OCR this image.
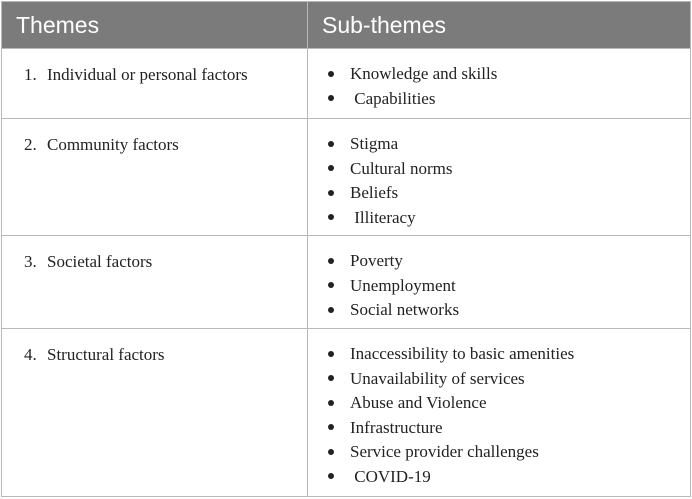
Themes	Sub-themes
1. Individual or personal factors	Knowledge and skills
Capabilities
2. Community factors	Stigma
Cultural norms
Beliefs
Illiteracy
3. Societal factors	Poverty
Unemployment
Social networks
4. Structural factors	Inaccessibility to basic amenities
Unavailability of services
Abuse and Violence
Infrastructure
Service provider challenges
COVID-19
